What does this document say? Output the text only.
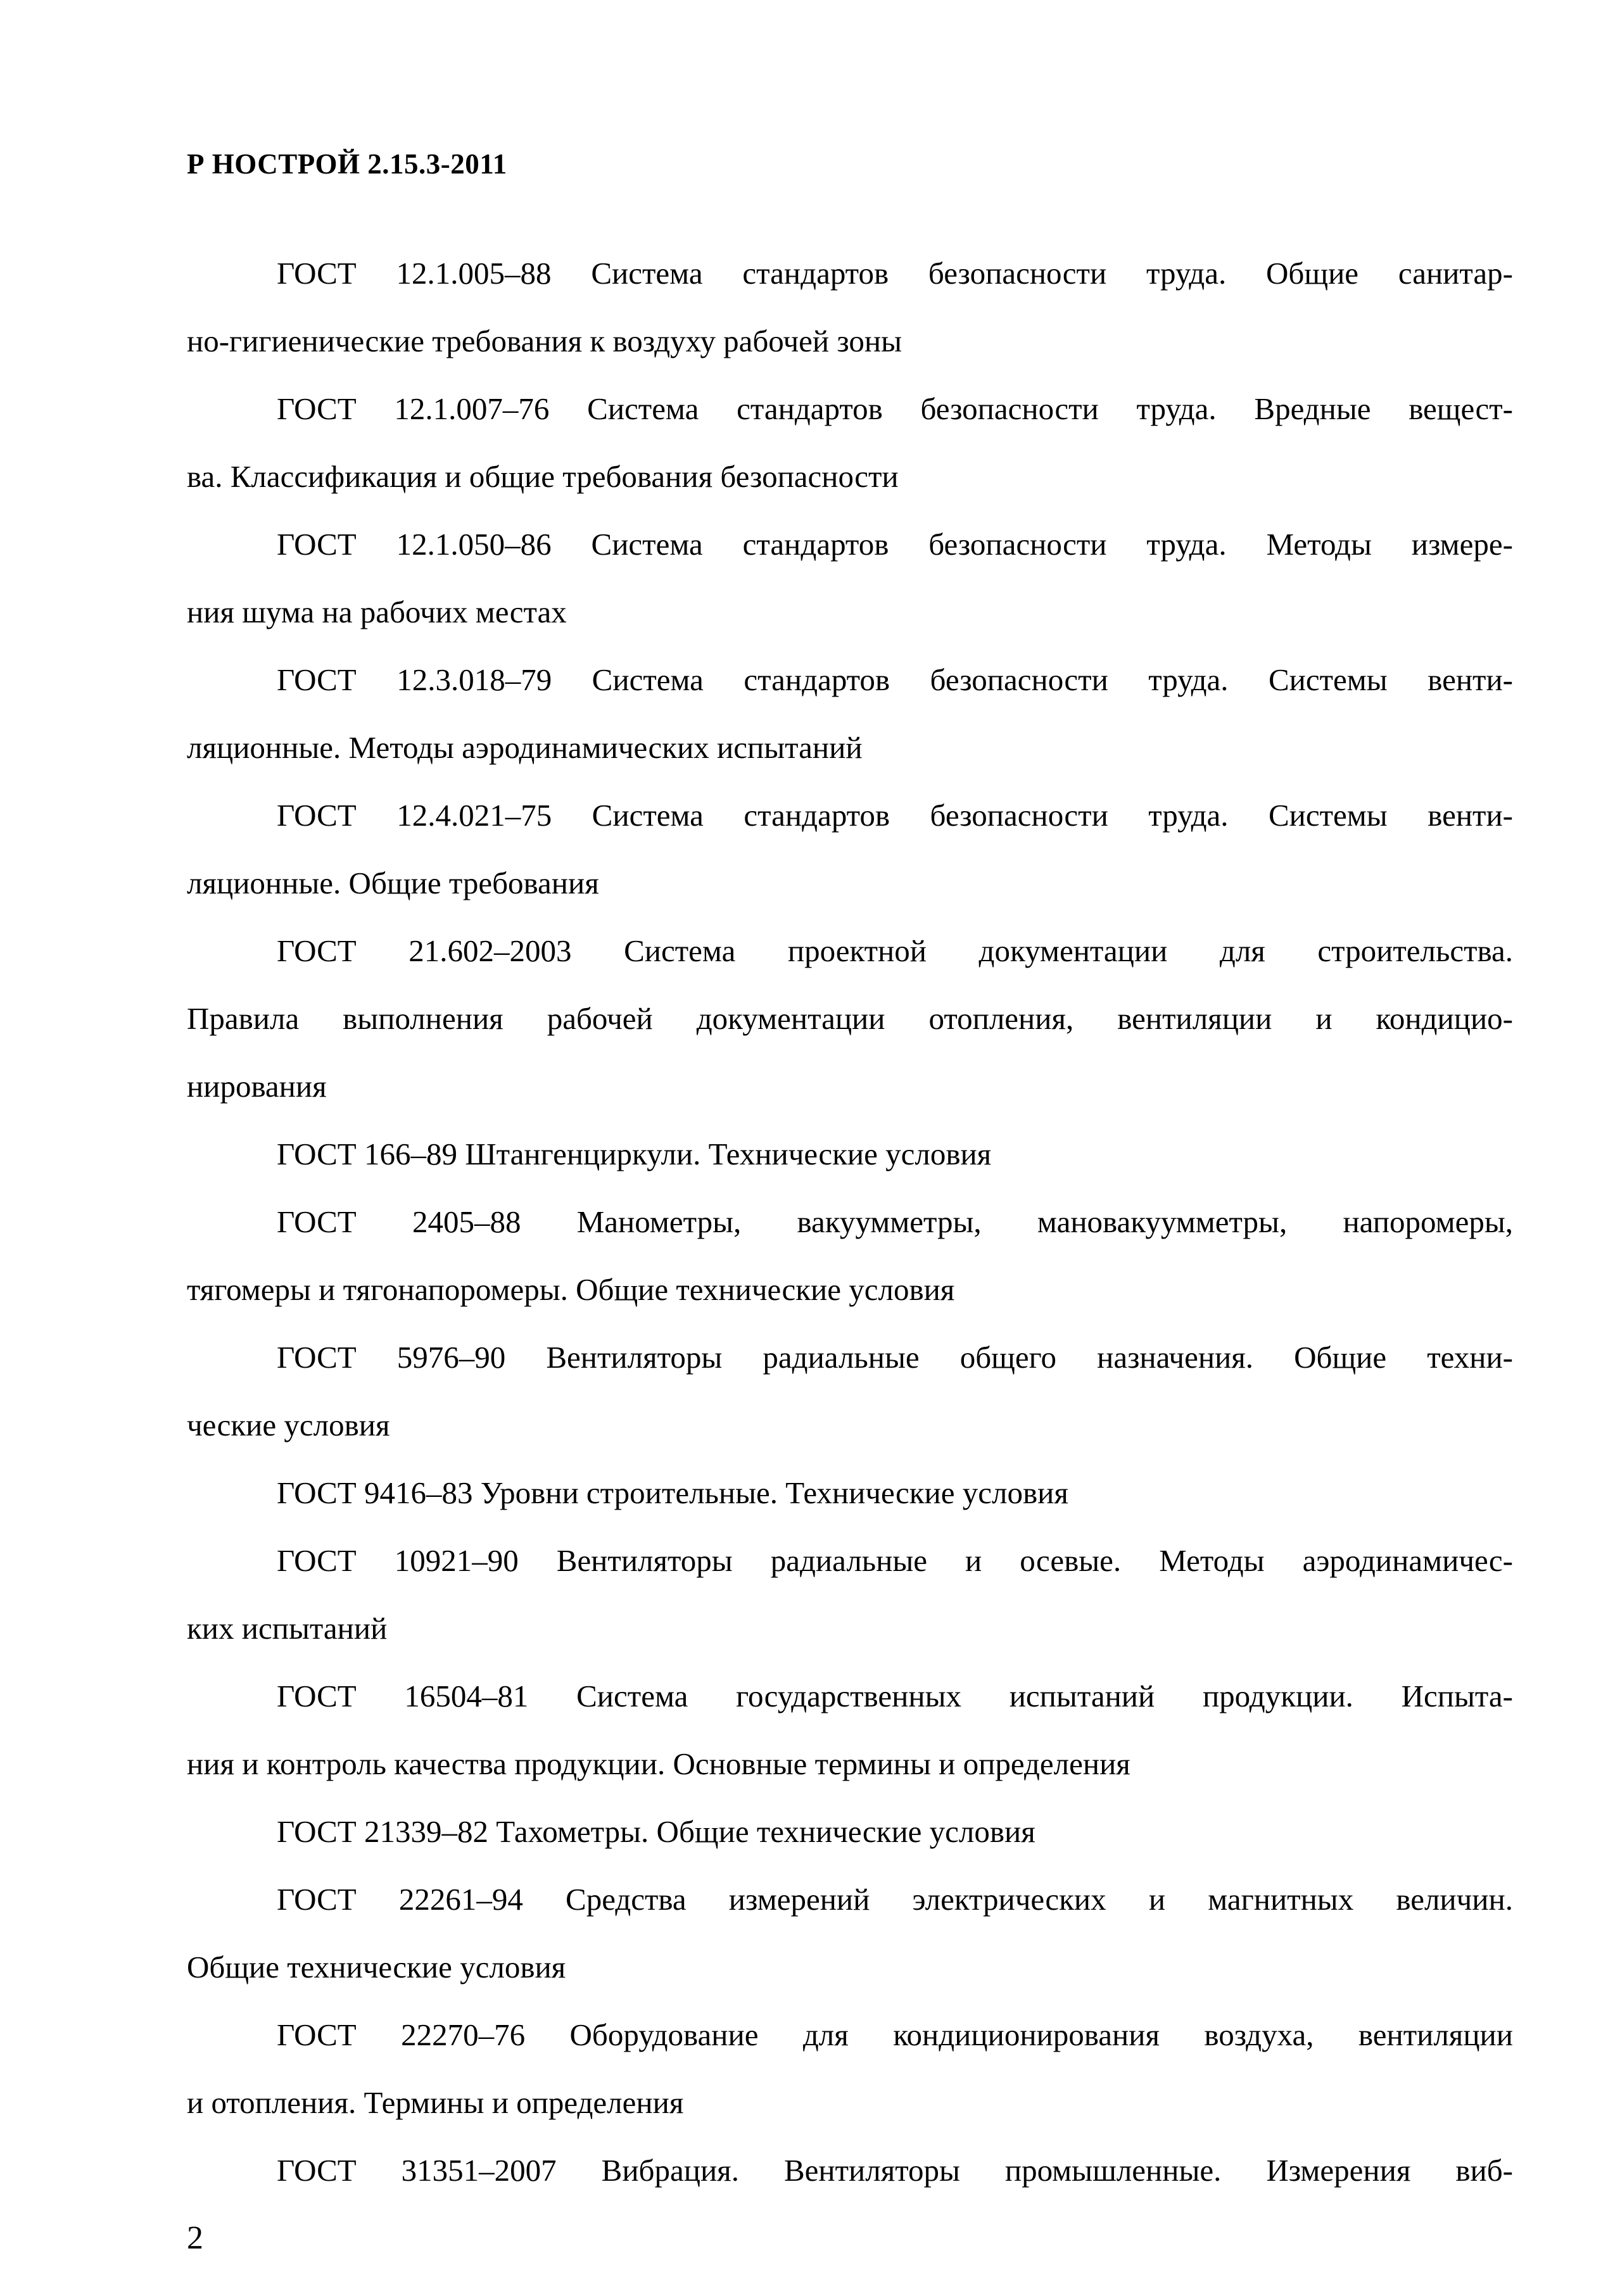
Р НОСТРОЙ 2.15.3-2011
ГОСТ 12.1.005–88 Система стандартов безопасности труда. Общие санитар-
но-гигиенические требования к воздуху рабочей зоны
ГОСТ 12.1.007–76 Система стандартов безопасности труда. Вредные вещест-
ва. Классификация и общие требования безопасности
ГОСТ 12.1.050–86 Система стандартов безопасности труда. Методы измере-
ния шума на рабочих местах
ГОСТ 12.3.018–79 Система стандартов безопасности труда. Системы венти-
ляционные. Методы аэродинамических испытаний
ГОСТ 12.4.021–75 Система стандартов безопасности труда. Системы венти-
ляционные. Общие требования
ГОСТ 21.602–2003 Система проектной документации для строительства.
Правила выполнения рабочей документации отопления, вентиляции и кондицио-
нирования
ГОСТ 166–89 Штангенциркули. Технические условия
ГОСТ 2405–88 Манометры, вакуумметры, мановакуумметры, напоромеры,
тягомеры и тягонапоромеры. Общие технические условия
ГОСТ 5976–90 Вентиляторы радиальные общего назначения. Общие техни-
ческие условия
ГОСТ 9416–83 Уровни строительные. Технические условия
ГОСТ 10921–90 Вентиляторы радиальные и осевые. Методы аэродинамичес-
ких испытаний
ГОСТ 16504–81 Система государственных испытаний продукции. Испыта-
ния и контроль качества продукции. Основные термины и определения
ГОСТ 21339–82 Тахометры. Общие технические условия
ГОСТ 22261–94 Средства измерений электрических и магнитных величин.
Общие технические условия
ГОСТ 22270–76 Оборудование для кондиционирования воздуха, вентиляции
и отопления. Термины и определения
ГОСТ 31351–2007 Вибрация. Вентиляторы промышленные. Измерения виб-
2
